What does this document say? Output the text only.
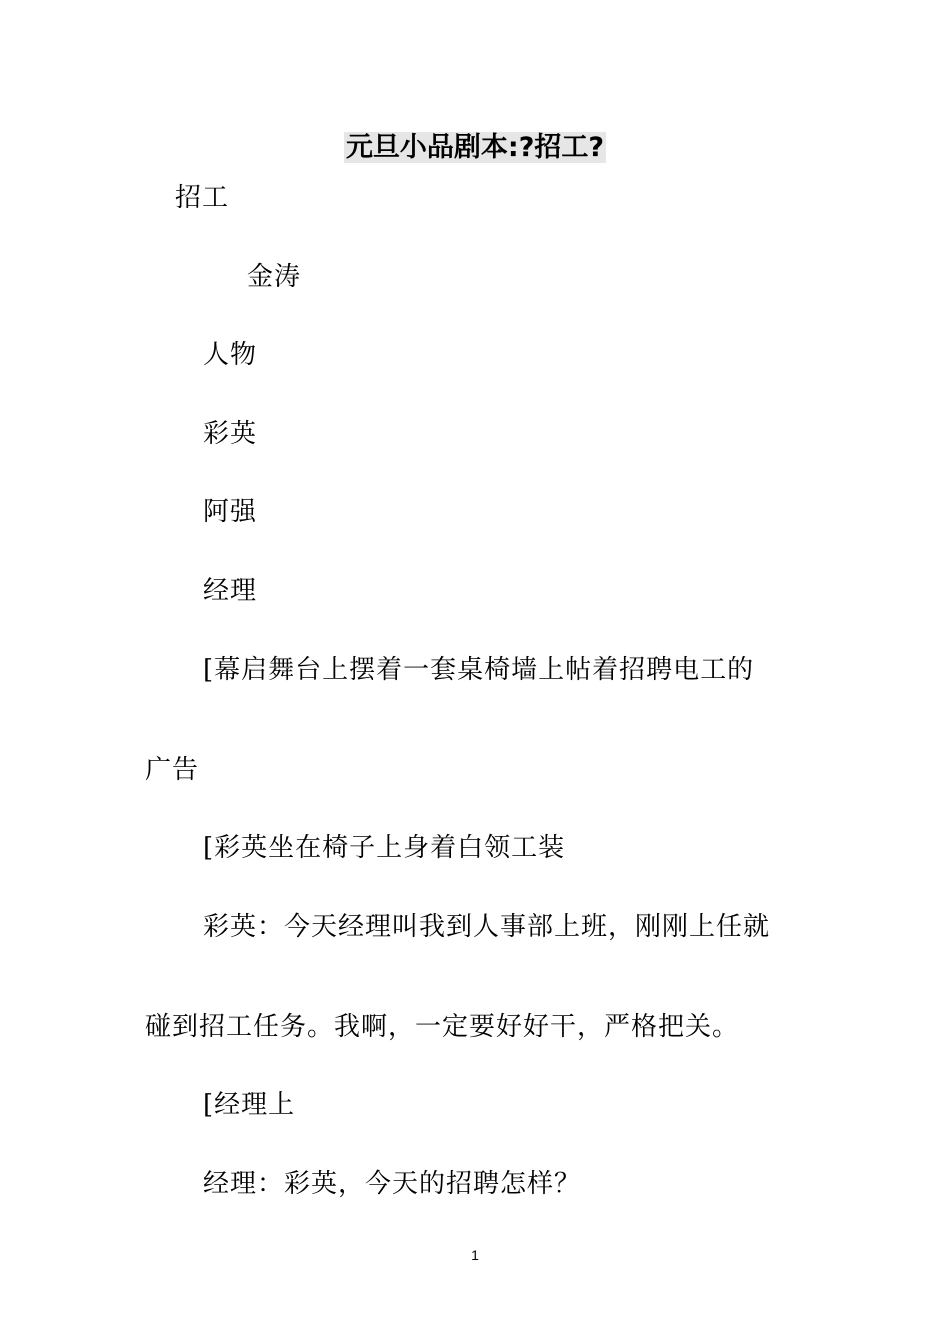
元旦小品剧本:?招工?
招工
金涛
人物
彩英
阿强
经理
[幕启舞台上摆着一套桌椅墙上帖着招聘电工的
广告
[彩英坐在椅子上身着白领工装
彩英：今天经理叫我到人事部上班，刚刚上任就
碰到招工任务。我啊，一定要好好干，严格把关。
[经理上
经理：彩英，今天的招聘怎样？
1
